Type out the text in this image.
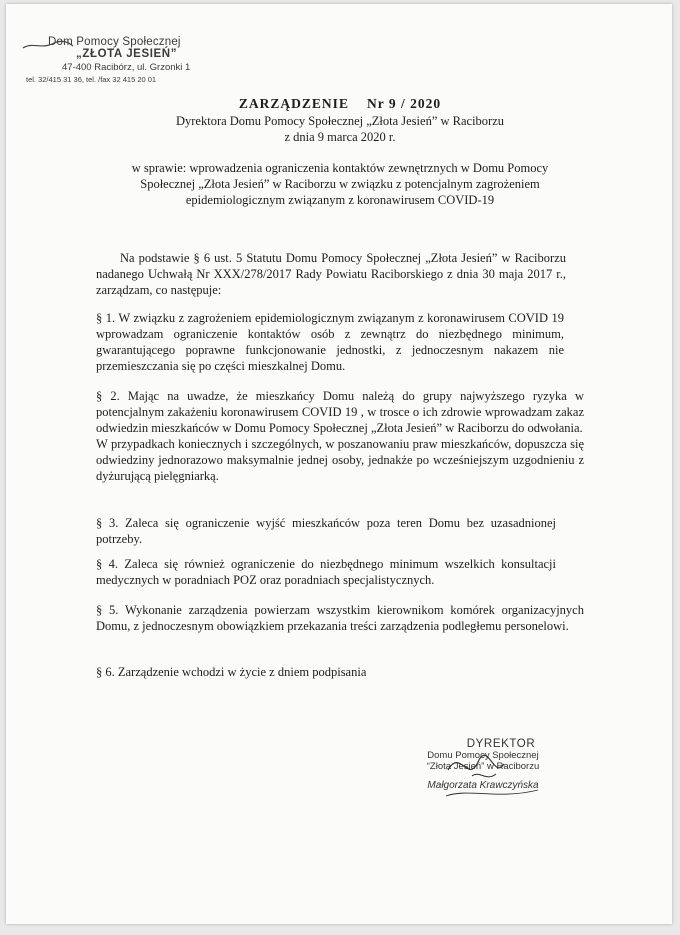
Dom Pomocy Społecznej
„ZŁOTA JESIEŃ”
47-400 Racibórz, ul. Grzonki 1
tel. 32/415 31 36, tel. /fax 32 415 20 01
ZARZĄDZENIE Nr 9 / 2020
Dyrektora Domu Pomocy Społecznej „Złota Jesień” w Raciborzu
z dnia 9 marca 2020 r.
w sprawie: wprowadzenia ograniczenia kontaktów zewnętrznych w Domu Pomocy
Społecznej „Złota Jesień” w Raciborzu w związku z potencjalnym zagrożeniem
epidemiologicznym związanym z koronawirusem COVID-19
Na podstawie § 6 ust. 5 Statutu Domu Pomocy Społecznej „Złota Jesień” w Raciborzu nadanego Uchwałą Nr XXX/278/2017 Rady Powiatu Raciborskiego z dnia 30 maja 2017 r., zarządzam, co następuje:
§ 1. W związku z zagrożeniem epidemiologicznym związanym z koronawirusem COVID 19 wprowadzam ograniczenie kontaktów osób z zewnątrz do niezbędnego minimum, gwarantującego poprawne funkcjonowanie jednostki, z jednoczesnym nakazem nie przemieszczania się po części mieszkalnej Domu.
§ 2. Mając na uwadze, że mieszkańcy Domu należą do grupy najwyższego ryzyka w potencjalnym zakażeniu koronawirusem COVID 19 , w trosce o ich zdrowie wprowadzam zakaz odwiedzin mieszkańców w Domu Pomocy Społecznej „Złota Jesień” w Raciborzu do odwołania.
W przypadkach koniecznych i szczególnych, w poszanowaniu praw mieszkańców, dopuszcza się odwiedziny jednorazowo maksymalnie jednej osoby, jednakże po wcześniejszym uzgodnieniu z dyżurującą pielęgniarką.
§ 3. Zaleca się ograniczenie wyjść mieszkańców poza teren Domu bez uzasadnionej potrzeby.
§ 4. Zaleca się również ograniczenie do niezbędnego minimum wszelkich konsultacji medycznych w poradniach POZ oraz poradniach specjalistycznych.
§ 5. Wykonanie zarządzenia powierzam wszystkim kierownikom komórek organizacyjnych Domu, z jednoczesnym obowiązkiem przekazania treści zarządzenia podległemu personelowi.
§ 6. Zarządzenie wchodzi w życie z dniem podpisania
DYREKTOR
Domu Pomocy Społecznej
“Złota Jesień” w Raciborzu
Małgorzata Krawczyńska
